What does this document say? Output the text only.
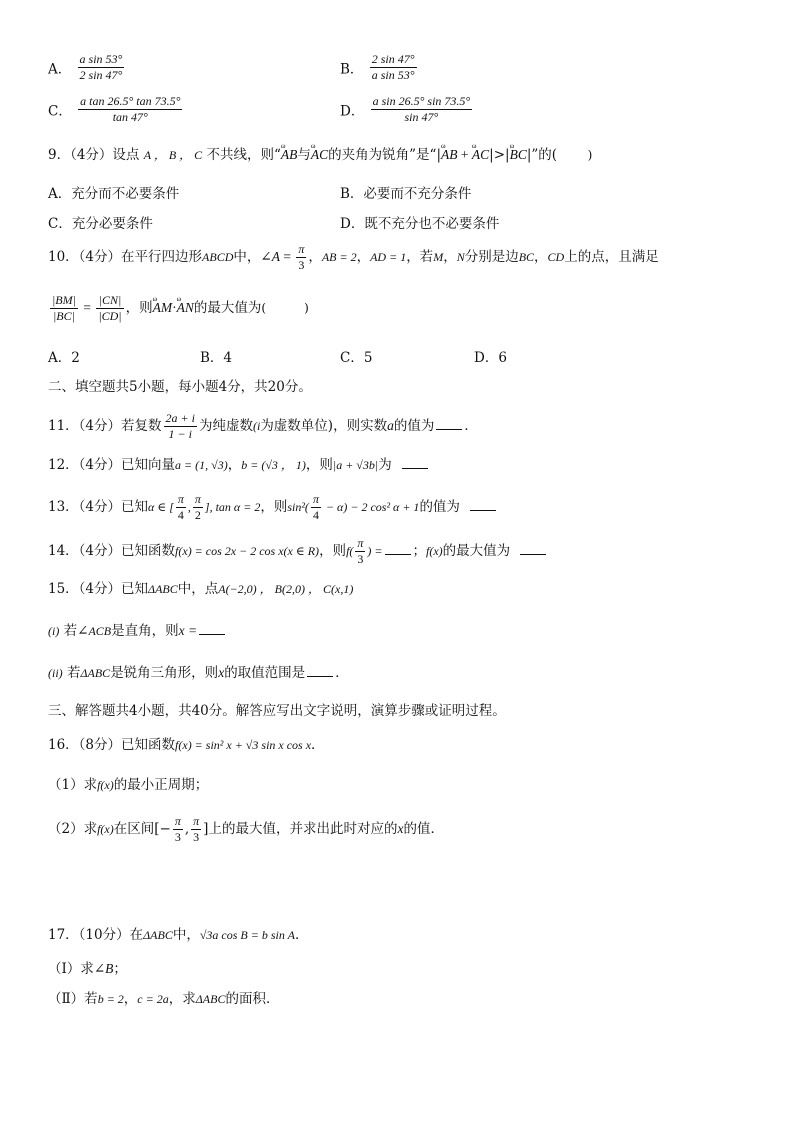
A． $\frac{\text{a sin 53°}}{2 \sin 47^\circ}$	B． $\frac{2 \sin 47^\circ}{\text{a sin 53°}}$
C． $\frac{\text{a tan 26.5° tan 73.5°}}{\tan 47^\circ}$	D． $\frac{\text{a sin 26.5° sin 73.5°}}{\sin 47^\circ}$
9．（4分）设点 A ， B ， C 不共线，则“ω AB与ω AC的夹角为锐角”是“|ω AB + ω AC|>|ω BC|”的(        )
A．充分而不必要条件	B．必要而不充分条件
C．充分必要条件	D．既不充分也不必要条件
10．（4分）在平行四边形ABCD中，∠A = $\frac{\pi}{3}$ ，AB = 2，AD = 1，若M，N分别是边BC，CD上的点，且满足
$\frac{|BM|}{|BC|} = \frac{|CN|}{|CD|}$ ，则ω AM·ω AN的最大值为(          )
A．2	B．4	C．5	D．6
二、填空题共5小题，每小题4分，共20分。
11．（4分）若复数 $\frac{2a + i}{1 - i}$ 为纯虚数(i为虚数单位)，则实数a的值为 ．
12．（4分）已知向量a = (1, √3)，b = (√3 ， 1)，则|a + √3b|为
13．（4分）已知α ∈ [ $\frac{\pi}{4}$ , $\frac{\pi}{2}$ ], tan α = 2，则$\sin^2( \frac{\pi}{4} - \alpha) - 2$ cos² α + 1的值为
14．（4分）已知函数f(x) = cos 2x − 2 cos x(x ∈ R)，则$f( \frac{\pi}{3}$ ) = ；f(x)的最大值为
15．（4分）已知ΔABC中，点A(−2,0) ， B(2,0) ， C(x,1)
(i) 若∠ACB是直角，则x =
(ii) 若ΔABC是锐角三角形，则x的取值范围是 ．
三、解答题共4小题，共40分。解答应写出文字说明，演算步骤或证明过程。
16．（8分）已知函数f(x) = sin² x + √3 sin x cos x．
（1）求f(x)的最小正周期；
（2）求f(x)在区间[− $\frac{\pi}{3}$ , $\frac{\pi}{3}$ ]上的最大值，并求出此时对应的x的值．
17．（10分）在ΔABC中，√3a cos B = b sin A．
（Ⅰ）求∠B；
（Ⅱ）若b = 2，c = 2a，求ΔABC的面积．
